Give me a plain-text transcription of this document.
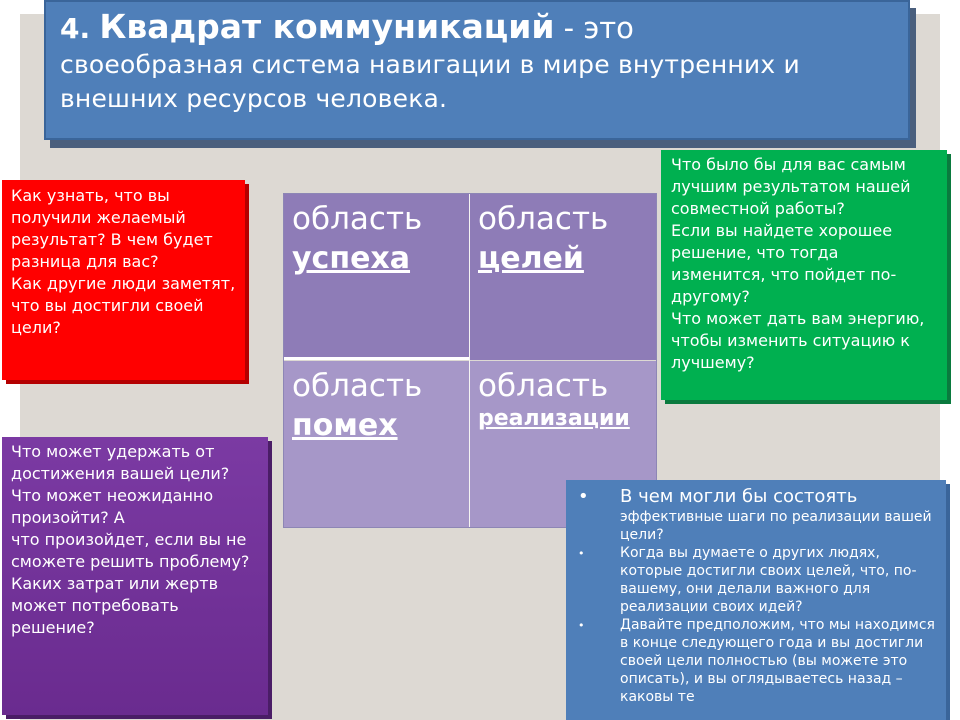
4. Квадрат коммуникаций - это
своеобразная система навигации в мире внутренних и внешних ресурсов человека.
область
успеха
область
целей
область
помех
область
реализации

Как узнать, что вы получили желаемый результат? В чем будет разница для вас?

Как другие люди заметят, что вы достигли своей цели?

Что было бы для вас самым лучшим результатом нашей совместной работы?

Если вы найдете хорошее решение, что тогда изменится, что пойдет по-другому?

Что может дать вам энергию, чтобы изменить ситуацию к лучшему?

Что может удержать от достижения вашей цели?

Что может неожиданно произойти? А

что произойдет, если вы не сможете решить проблему?

Каких затрат или жертв может потребовать решение?

• В чем могли бы состоять
эффективные шаги по реализации вашей цели?
• Когда вы думаете о других людях, которые достигли своих целей, что, по-вашему, они делали важного для реализации своих идей?
• Давайте предположим, что мы находимся в конце следующего года и вы достигли своей цели полностью (вы можете это описать), и вы оглядываетесь назад – каковы те
